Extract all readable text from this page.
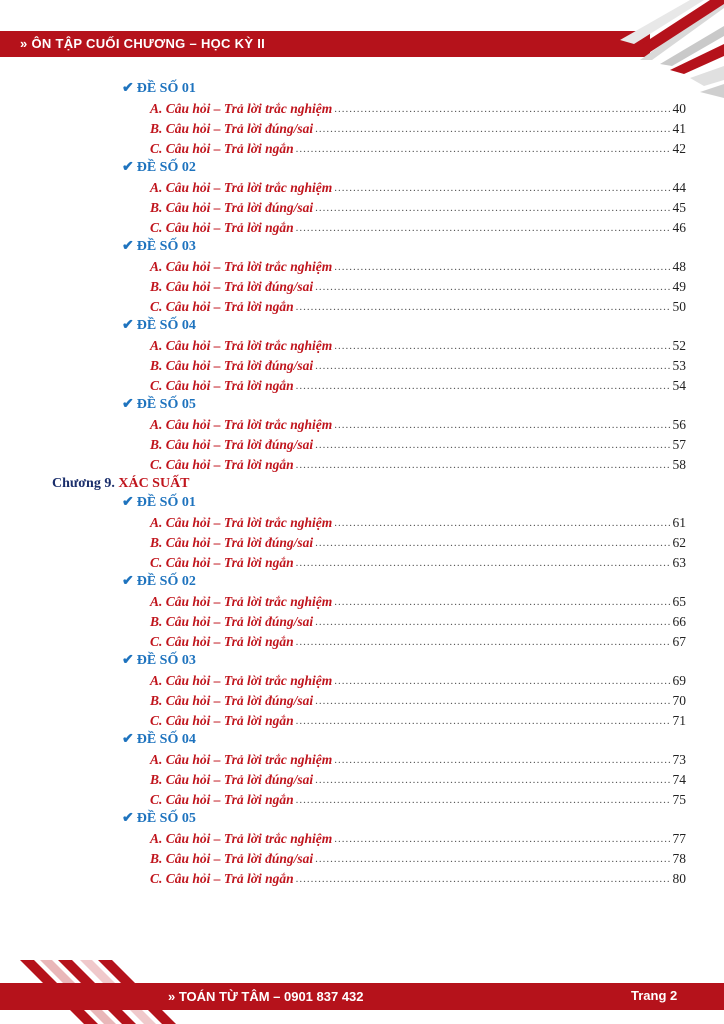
» ÔN TẬP CUỐI CHƯƠNG – HỌC KỲ II
✔ ĐỀ SỐ 01
A. Câu hỏi – Trả lời trắc nghiệm .....	40
B. Câu hỏi – Trả lời đúng/sai .....	41
C. Câu hỏi – Trả lời ngắn .....	42
✔ ĐỀ SỐ 02
A. Câu hỏi – Trả lời trắc nghiệm .....	44
B. Câu hỏi – Trả lời đúng/sai .....	45
C. Câu hỏi – Trả lời ngắn .....	46
✔ ĐỀ SỐ 03
A. Câu hỏi – Trả lời trắc nghiệm .....	48
B. Câu hỏi – Trả lời đúng/sai .....	49
C. Câu hỏi – Trả lời ngắn .....	50
✔ ĐỀ SỐ 04
A. Câu hỏi – Trả lời trắc nghiệm .....	52
B. Câu hỏi – Trả lời đúng/sai .....	53
C. Câu hỏi – Trả lời ngắn .....	54
✔ ĐỀ SỐ 05
A. Câu hỏi – Trả lời trắc nghiệm .....	56
B. Câu hỏi – Trả lời đúng/sai .....	57
C. Câu hỏi – Trả lời ngắn .....	58
Chương 9. XÁC SUẤT
✔ ĐỀ SỐ 01
A. Câu hỏi – Trả lời trắc nghiệm .....	61
B. Câu hỏi – Trả lời đúng/sai .....	62
C. Câu hỏi – Trả lời ngắn .....	63
✔ ĐỀ SỐ 02
A. Câu hỏi – Trả lời trắc nghiệm .....	65
B. Câu hỏi – Trả lời đúng/sai .....	66
C. Câu hỏi – Trả lời ngắn .....	67
✔ ĐỀ SỐ 03
A. Câu hỏi – Trả lời trắc nghiệm .....	69
B. Câu hỏi – Trả lời đúng/sai .....	70
C. Câu hỏi – Trả lời ngắn .....	71
✔ ĐỀ SỐ 04
A. Câu hỏi – Trả lời trắc nghiệm .....	73
B. Câu hỏi – Trả lời đúng/sai .....	74
C. Câu hỏi – Trả lời ngắn .....	75
✔ ĐỀ SỐ 05
A. Câu hỏi – Trả lời trắc nghiệm .....	77
B. Câu hỏi – Trả lời đúng/sai .....	78
C. Câu hỏi – Trả lời ngắn .....	80
» TOÁN TỪ TÂM – 0901 837 432	Trang 2
